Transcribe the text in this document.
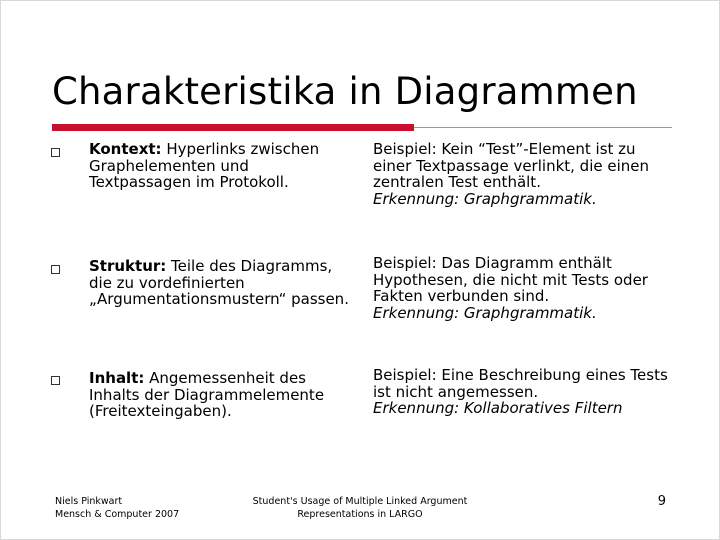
Charakteristika in Diagrammen
Kontext: Hyperlinks zwischen Graphelementen und Textpassagen im Protokoll.
Beispiel: Kein “Test”-Element ist zu einer Textpassage verlinkt, die einen zentralen Test enthält.
Erkennung: Graphgrammatik.
Struktur: Teile des Diagramms, die zu vordefinierten „Argumentationsmustern“ passen.
Beispiel: Das Diagramm enthält Hypothesen, die nicht mit Tests oder Fakten verbunden sind.
Erkennung: Graphgrammatik.
Inhalt: Angemessenheit des Inhalts der Diagrammelemente (Freitexteingaben).
Beispiel: Eine Beschreibung eines Tests ist nicht angemessen.
Erkennung: Kollaboratives Filtern
Niels Pinkwart
Mensch & Computer 2007
Student's Usage of Multiple Linked Argument
Representations in LARGO
9
